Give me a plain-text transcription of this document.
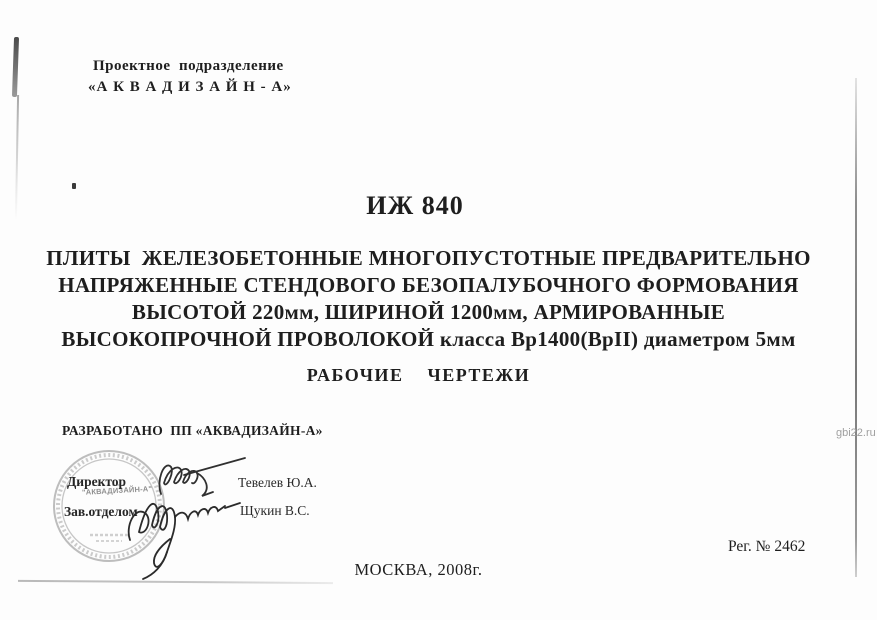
Проектное  подразделение
«А К В А Д И З А Й Н - А»
ИЖ 840
ПЛИТЫ  ЖЕЛЕЗОБЕТОННЫЕ МНОГОПУСТОТНЫЕ ПРЕДВАРИТЕЛЬНО
НАПРЯЖЕННЫЕ СТЕНДОВОГО БЕЗОПАЛУБОЧНОГО ФОРМОВАНИЯ
ВЫСОТОЙ 220мм, ШИРИНОЙ 1200мм, АРМИРОВАННЫЕ
ВЫСОКОПРОЧНОЙ ПРОВОЛОКОЙ класса Вр1400(ВрII) диаметром 5мм
РАБОЧИЕ  ЧЕРТЕЖИ
РАЗРАБОТАНО  ПП «АКВАДИЗАЙН-А»
"АКВАДИЗАЙН-А"
Директор	Тевелев Ю.А.
Зав.отделом	Щукин В.С.
Рег. № 2462
МОСКВА, 2008г.
gbi22.ru
